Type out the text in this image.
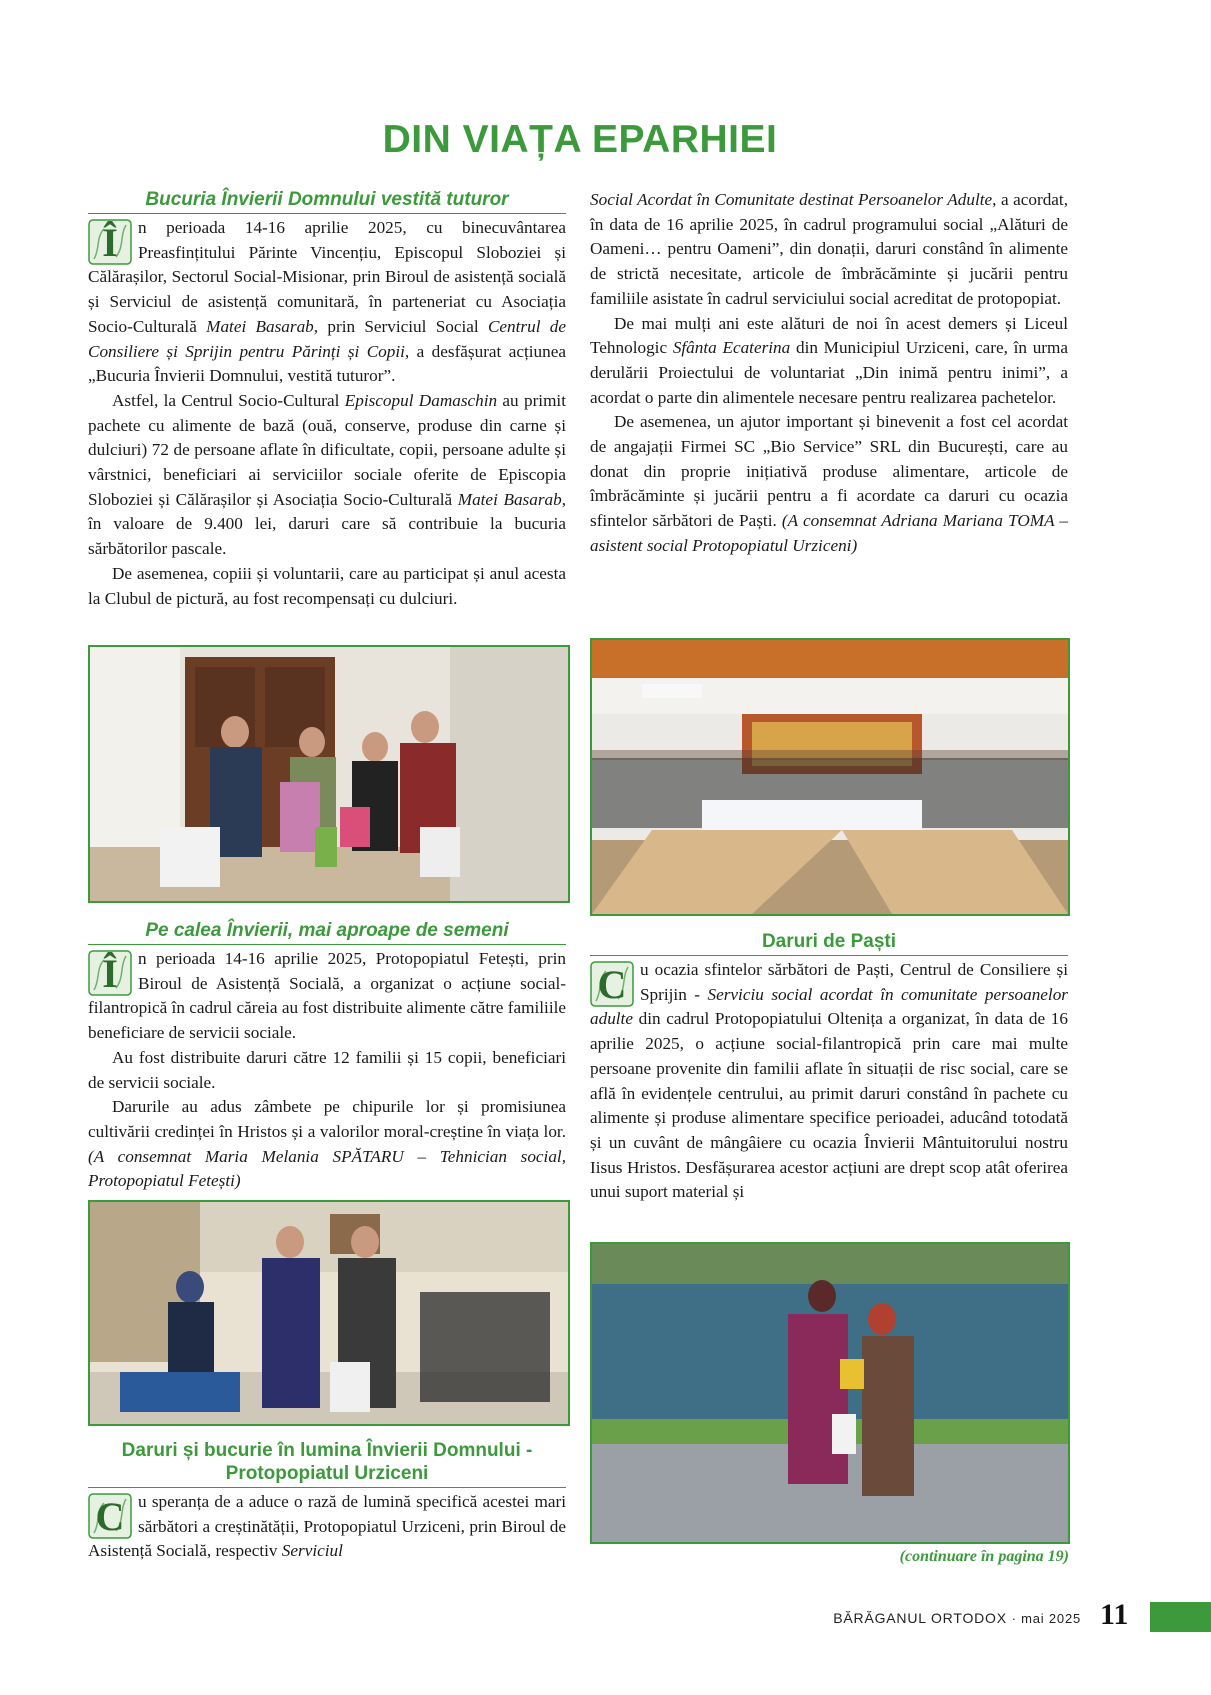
DIN VIAȚA EPARHIEI
Bucuria Învierii Domnului vestită tuturor

Î	n perioada 14-16 aprilie 2025, cu binecuvântarea Preasfințitului Părinte Vincențiu, Episcopul Sloboziei și Călărașilor, Sectorul Social-Misionar, prin Biroul de asistență socială și Serviciul de asistență comunitară, în parteneriat cu Asociația Socio-Culturală Matei Basarab, prin Serviciul Social Centrul de Consiliere și Sprijin pentru Părinți și Copii, a desfășurat acțiunea „Bucuria Învierii Domnului, vestită tuturor”.

Astfel, la Centrul Socio-Cultural Episcopul Damaschin au primit pachete cu alimente de bază (ouă, conserve, produse din carne și dulciuri) 72 de persoane aflate în dificultate, copii, persoane adulte și vârstnici, beneficiari ai serviciilor sociale oferite de Episcopia Sloboziei și Călărașilor și Asociația Socio-Culturală Matei Basarab, în valoare de 9.400 lei, daruri care să contribuie la bucuria sărbătorilor pascale.

De asemenea, copiii și voluntarii, care au participat și anul acesta la Clubul de pictură, au fost recompensați cu dulciuri.

Pe calea Învierii, mai aproape de semeni

Î	n perioada 14-16 aprilie 2025, Protopopiatul Fetești, prin Biroul de Asistență Socială, a organizat o acțiune social-filantropică în cadrul căreia au fost distribuite alimente către familiile beneficiare de servicii sociale.

Au fost distribuite daruri către 12 familii și 15 copii, beneficiari de servicii sociale.

Darurile au adus zâmbete pe chipurile lor și promisiunea cultivării credinței în Hristos și a valorilor moral-creștine în viața lor. (A consemnat Maria Melania SPĂTARU – Tehnician social, Protopopiatul Fetești)

Daruri și bucurie în lumina Învierii Domnului - Protopopiatul Urziceni

C u speranța de a aduce o rază de lumină specifică acestei mari sărbători a creștinătății, Protopopiatul Urziceni, prin Biroul de Asistență Socială, respectiv Serviciul

Social Acordat în Comunitate destinat Persoanelor Adulte, a acordat, în data de 16 aprilie 2025, în cadrul programului social „Alături de Oameni… pentru Oameni”, din donații, daruri constând în alimente de strictă necesitate, articole de îmbrăcăminte și jucării pentru familiile asistate în cadrul serviciului social acreditat de protopopiat.

De mai mulți ani este alături de noi în acest demers și Liceul Tehnologic Sfânta Ecaterina din Municipiul Urziceni, care, în urma derulării Proiectului de voluntariat „Din inimă pentru inimi”, a acordat o parte din alimentele necesare pentru realizarea pachetelor.

De asemenea, un ajutor important și binevenit a fost cel acordat de angajații Firmei SC „Bio Service” SRL din București, care au donat din proprie inițiativă produse alimentare, articole de îmbrăcăminte și jucării pentru a fi acordate ca daruri cu ocazia sfintelor sărbători de Paști. (A consemnat Adriana Mariana TOMA – asistent social Protopopiatul Urziceni)

Daruri de Paști

C u ocazia sfintelor sărbători de Paști, Centrul de Consiliere și Sprijin - Serviciu social acordat în comunitate persoanelor adulte din cadrul Protopopiatului Oltenița a organizat, în data de 16 aprilie 2025, o acțiune social-filantropică prin care mai multe persoane provenite din familii aflate în situații de risc social, care se află în evidențele centrului, au primit daruri constând în pachete cu alimente și produse alimentare specifice perioadei, aducând totodată și un cuvânt de mângâiere cu ocazia Învierii Mântuitorului nostru Iisus Hristos. Desfășurarea acestor acțiuni are drept scop atât oferirea unui suport material și

(continuare în pagina 19)
BĂRĂGANUL ORTODOX · mai 2025 11
